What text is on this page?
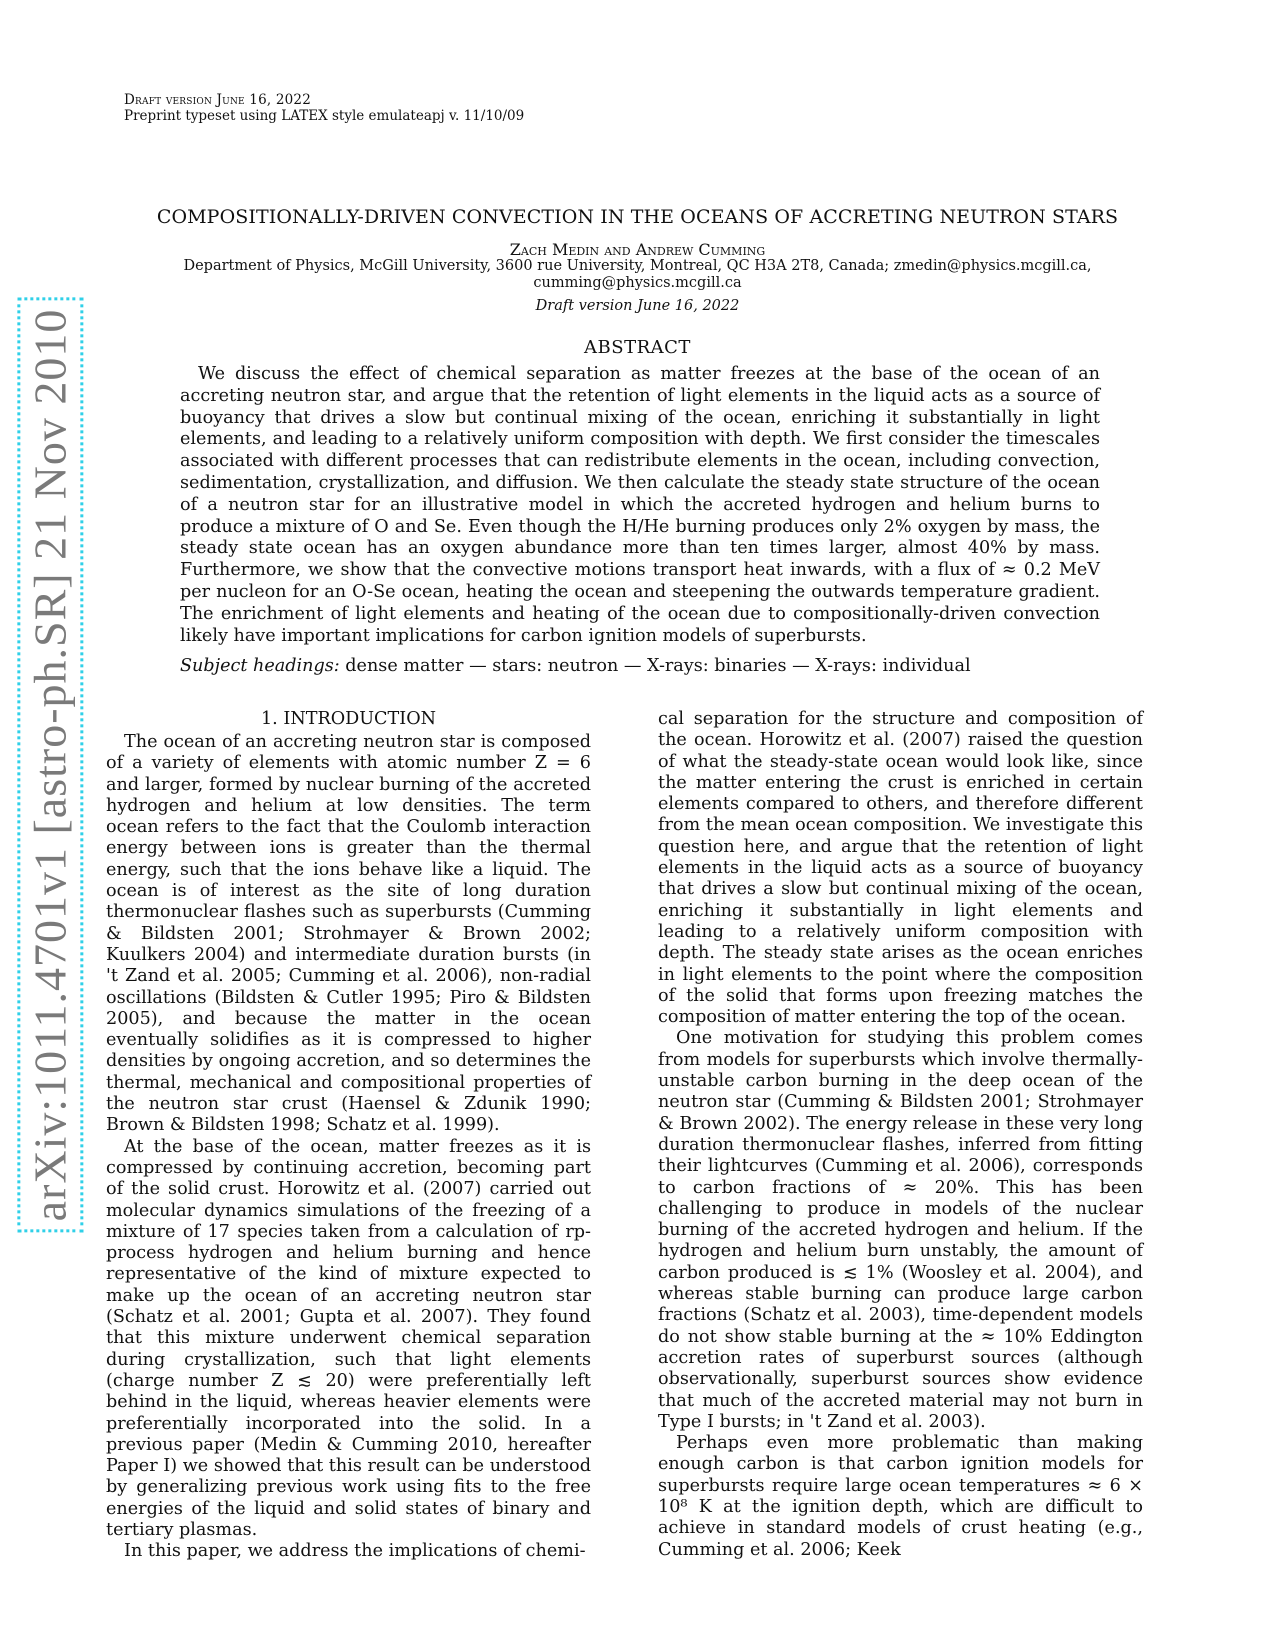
Draft version June 16, 2022
Preprint typeset using LATEX style emulateapj v. 11/10/09
COMPOSITIONALLY-DRIVEN CONVECTION IN THE OCEANS OF ACCRETING NEUTRON STARS
Zach Medin and Andrew Cumming
Department of Physics, McGill University, 3600 rue University, Montreal, QC H3A 2T8, Canada; zmedin@physics.mcgill.ca, cumming@physics.mcgill.ca
Draft version June 16, 2022
ABSTRACT
We discuss the effect of chemical separation as matter freezes at the base of the ocean of an accreting neutron star, and argue that the retention of light elements in the liquid acts as a source of buoyancy that drives a slow but continual mixing of the ocean, enriching it substantially in light elements, and leading to a relatively uniform composition with depth. We first consider the timescales associated with different processes that can redistribute elements in the ocean, including convection, sedimentation, crystallization, and diffusion. We then calculate the steady state structure of the ocean of a neutron star for an illustrative model in which the accreted hydrogen and helium burns to produce a mixture of O and Se. Even though the H/He burning produces only 2% oxygen by mass, the steady state ocean has an oxygen abundance more than ten times larger, almost 40% by mass. Furthermore, we show that the convective motions transport heat inwards, with a flux of ≈ 0.2 MeV per nucleon for an O-Se ocean, heating the ocean and steepening the outwards temperature gradient. The enrichment of light elements and heating of the ocean due to compositionally-driven convection likely have important implications for carbon ignition models of superbursts.
Subject headings: dense matter — stars: neutron — X-rays: binaries — X-rays: individual
arXiv:1011.4701v1 [astro-ph.SR] 21 Nov 2010	1. INTRODUCTION

The ocean of an accreting neutron star is composed of a variety of elements with atomic number Z = 6 and larger, formed by nuclear burning of the accreted hydrogen and helium at low densities. The term ocean refers to the fact that the Coulomb interaction energy between ions is greater than the thermal energy, such that the ions behave like a liquid. The ocean is of interest as the site of long duration thermonuclear flashes such as superbursts (Cumming & Bildsten 2001; Strohmayer & Brown 2002; Kuulkers 2004) and intermediate duration bursts (in 't Zand et al. 2005; Cumming et al. 2006), non-radial oscillations (Bildsten & Cutler 1995; Piro & Bildsten 2005), and because the matter in the ocean eventually solidifies as it is compressed to higher densities by ongoing accretion, and so determines the thermal, mechanical and compositional properties of the neutron star crust (Haensel & Zdunik 1990; Brown & Bildsten 1998; Schatz et al. 1999).

At the base of the ocean, matter freezes as it is compressed by continuing accretion, becoming part of the solid crust. Horowitz et al. (2007) carried out molecular dynamics simulations of the freezing of a mixture of 17 species taken from a calculation of rp-process hydrogen and helium burning and hence representative of the kind of mixture expected to make up the ocean of an accreting neutron star (Schatz et al. 2001; Gupta et al. 2007). They found that this mixture underwent chemical separation during crystallization, such that light elements (charge number Z ≲ 20) were preferentially left behind in the liquid, whereas heavier elements were preferentially incorporated into the solid. In a previous paper (Medin & Cumming 2010, hereafter Paper I) we showed that this result can be understood by generalizing previous work using fits to the free energies of the liquid and solid states of binary and tertiary plasmas.

In this paper, we address the implications of chemi-

cal separation for the structure and composition of the ocean. Horowitz et al. (2007) raised the question of what the steady-state ocean would look like, since the matter entering the crust is enriched in certain elements compared to others, and therefore different from the mean ocean composition. We investigate this question here, and argue that the retention of light elements in the liquid acts as a source of buoyancy that drives a slow but continual mixing of the ocean, enriching it substantially in light elements and leading to a relatively uniform composition with depth. The steady state arises as the ocean enriches in light elements to the point where the composition of the solid that forms upon freezing matches the composition of matter entering the top of the ocean.

One motivation for studying this problem comes from models for superbursts which involve thermally-unstable carbon burning in the deep ocean of the neutron star (Cumming & Bildsten 2001; Strohmayer & Brown 2002). The energy release in these very long duration thermonuclear flashes, inferred from fitting their lightcurves (Cumming et al. 2006), corresponds to carbon fractions of ≈ 20%. This has been challenging to produce in models of the nuclear burning of the accreted hydrogen and helium. If the hydrogen and helium burn unstably, the amount of carbon produced is ≲ 1% (Woosley et al. 2004), and whereas stable burning can produce large carbon fractions (Schatz et al. 2003), time-dependent models do not show stable burning at the ≈ 10% Eddington accretion rates of superburst sources (although observationally, superburst sources show evidence that much of the accreted material may not burn in Type I bursts; in 't Zand et al. 2003).

Perhaps even more problematic than making enough carbon is that carbon ignition models for superbursts require large ocean temperatures ≈ 6 × 10⁸ K at the ignition depth, which are difficult to achieve in standard models of crust heating (e.g., Cumming et al. 2006; Keek
